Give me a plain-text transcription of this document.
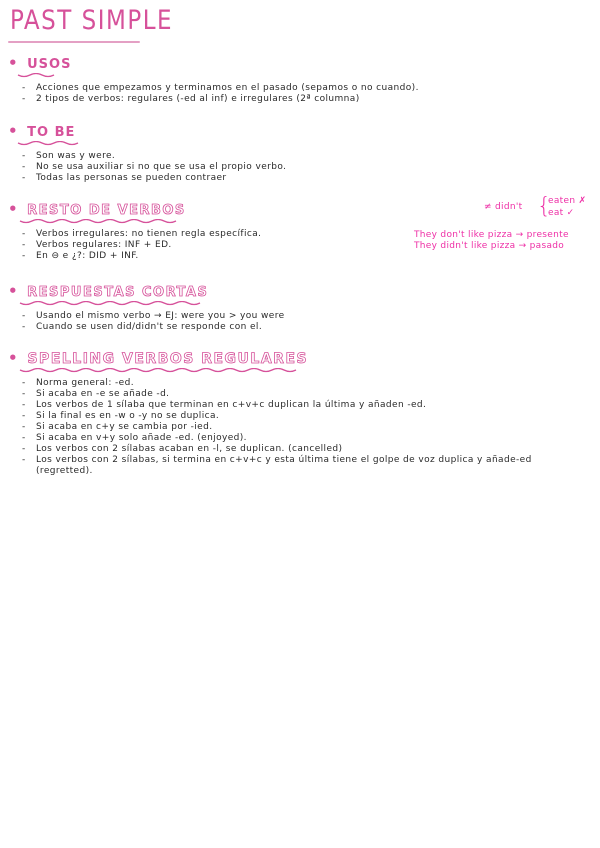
PAST SIMPLE
• USOS
-	Acciones que empezamos y terminamos en el pasado (sepamos o no cuando).
-	2 tipos de verbos: regulares (-ed al inf) e irregulares (2ª columna)
• TO BE
-	Son was y were.
-	No se usa auxiliar si no que se usa el propio verbo.
-	Todas las personas se pueden contraer
• RESTO DE VERBOS
-	Verbos irregulares: no tienen regla específica.
-	Verbos regulares: INF + ED.
-	En ⊖ e ¿?: DID + INF.
≠ didn't {
eaten ✗
eat ✓
They don't like pizza → presente
They didn't like pizza → pasado
• RESPUESTAS CORTAS
-	Usando el mismo verbo → EJ: were you > you were
-	Cuando se usen did/didn't se responde con el.
• SPELLING VERBOS REGULARES
-	Norma general: -ed.
-	Si acaba en -e se añade -d.
-	Los verbos de 1 sílaba que terminan en c+v+c duplican la última y añaden -ed.
-	Si la final es en -w o -y no se duplica.
-	Si acaba en c+y se cambia por -ied.
-	Si acaba en v+y solo añade -ed. (enjoyed).
-	Los verbos con 2 sílabas acaban en -l, se duplican. (cancelled)
-	Los verbos con 2 sílabas, si termina en c+v+c y esta última tiene el golpe de voz duplica y añade-ed (regretted).
